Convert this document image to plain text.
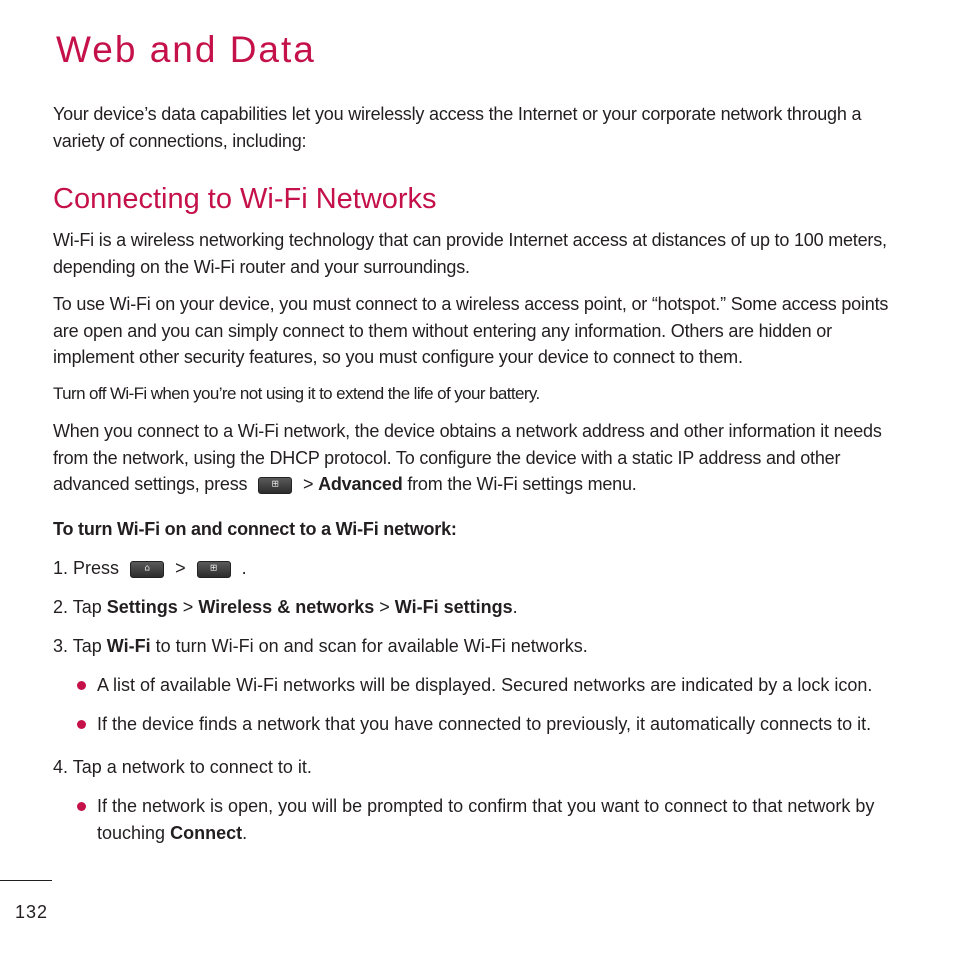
Web and Data

Your device’s data capabilities let you wirelessly access the Internet or your corporate network through a variety of connections, including:

Connecting to Wi-Fi Networks

Wi-Fi is a wireless networking technology that can provide Internet access at distances of up to 100 meters, depending on the Wi-Fi router and your surroundings.

To use Wi-Fi on your device, you must connect to a wireless access point, or “hotspot.” Some access points are open and you can simply connect to them without entering any information. Others are hidden or implement other security features, so you must configure your device to connect to them.

Turn off Wi-Fi when you’re not using it to extend the life of your battery.

When you connect to a Wi-Fi network, the device obtains a network address and other information it needs from the network, using the DHCP protocol. To configure the device with a static IP address and other advanced settings, press	⊞ > Advanced from the Wi-Fi settings menu.

To turn Wi-Fi on and connect to a Wi-Fi network:
1. Press	⌂ >	⊞ .
2. Tap Settings > Wireless & networks > Wi-Fi settings.
3. Tap Wi-Fi to turn Wi-Fi on and scan for available Wi-Fi networks.
A list of available Wi-Fi networks will be displayed. Secured networks are indicated by a lock icon.
If the device finds a network that you have connected to previously, it automatically connects to it.
4. Tap a network to connect to it.
If the network is open, you will be prompted to confirm that you want to connect to that network by touching Connect.
132
